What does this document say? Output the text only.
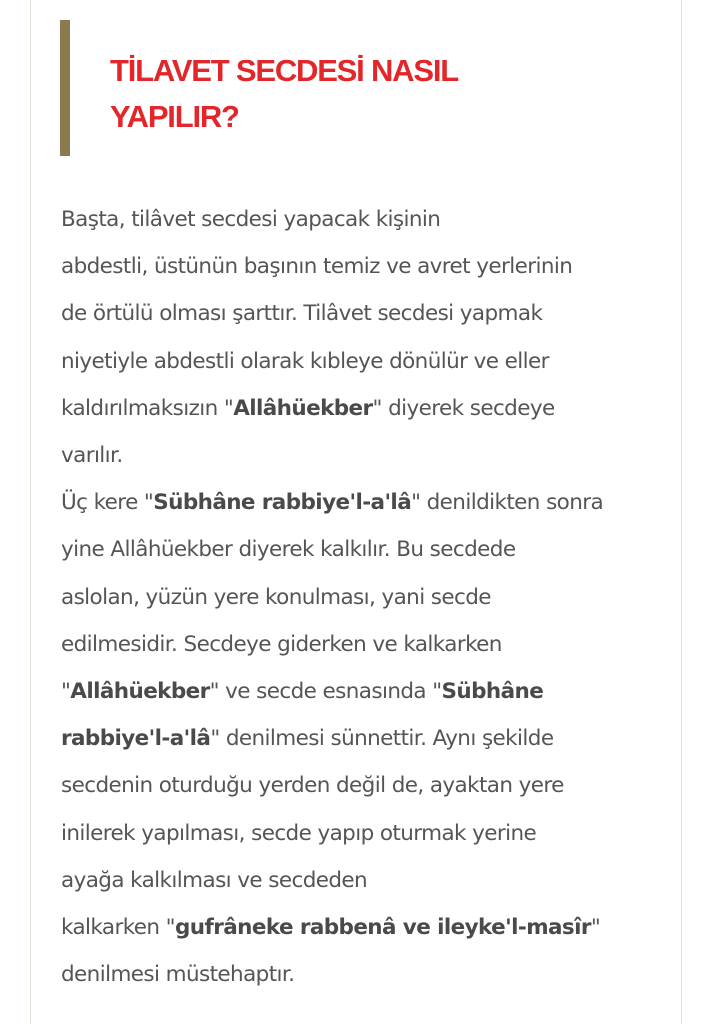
TİLAVET SECDESİ NASIL
YAPILIR?

Başta, tilâvet secdesi yapacak kişinin
abdestli, üstünün başının temiz ve avret yerlerinin
de örtülü olması şarttır. Tilâvet secdesi yapmak
niyetiyle abdestli olarak kıbleye dönülür ve eller
kaldırılmaksızın "Allâhüekber" diyerek secdeye
varılır.
Üç kere "Sübhâne rabbiye'l-a'lâ" denildikten sonra
yine Allâhüekber diyerek kalkılır. Bu secdede
aslolan, yüzün yere konulması, yani secde
edilmesidir. Secdeye giderken ve kalkarken
"Allâhüekber" ve secde esnasında "Sübhâne
rabbiye'l-a'lâ" denilmesi sünnettir. Aynı şekilde
secdenin oturduğu yerden değil de, ayaktan yere
inilerek yapılması, secde yapıp oturmak yerine
ayağa kalkılması ve secdeden
kalkarken "gufrâneke rabbenâ ve ileyke'l-masîr"
denilmesi müstehaptır.
